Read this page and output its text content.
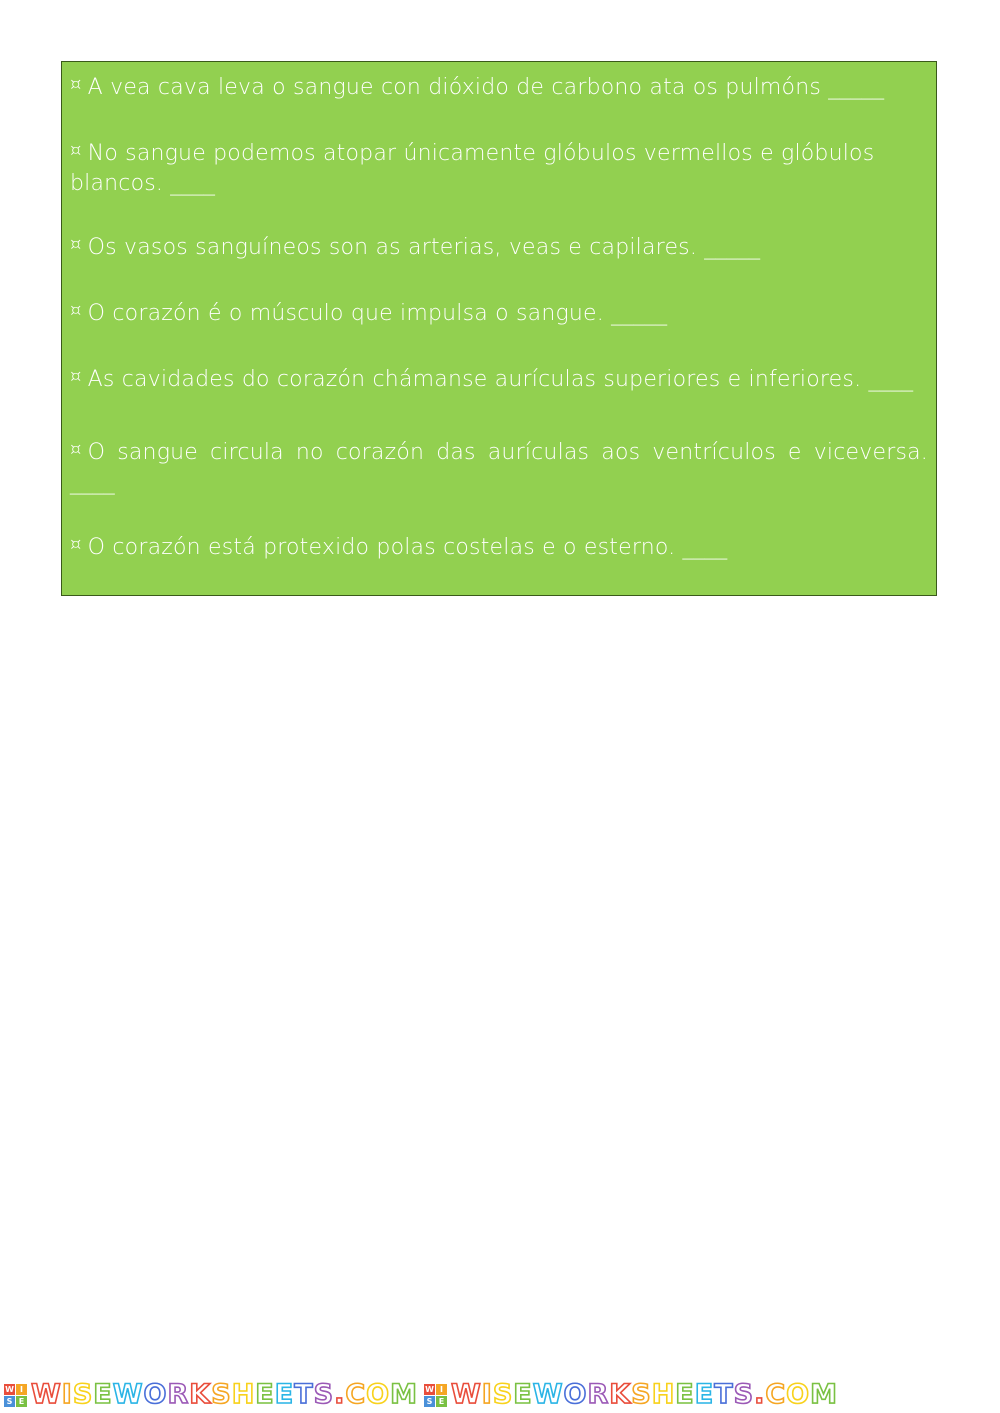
¤ A vea cava leva o sangue con dióxido de carbono ata os pulmóns _____
¤ No sangue podemos atopar únicamente glóbulos vermellos e glóbulos blancos. ____
¤ Os vasos sanguíneos son as arterias, veas e capilares. _____
¤ O corazón é o músculo que impulsa o sangue. _____
¤ As cavidades do corazón chámanse aurículas superiores e inferiores. ____
¤ O sangue circula no corazón das aurículas aos ventrículos e viceversa. ____
¤ O corazón está protexido polas costelas e o esterno. ____
W I
S E WISEWORKSHEETS.COM W I
S E WISEWORKSHEETS.COM
